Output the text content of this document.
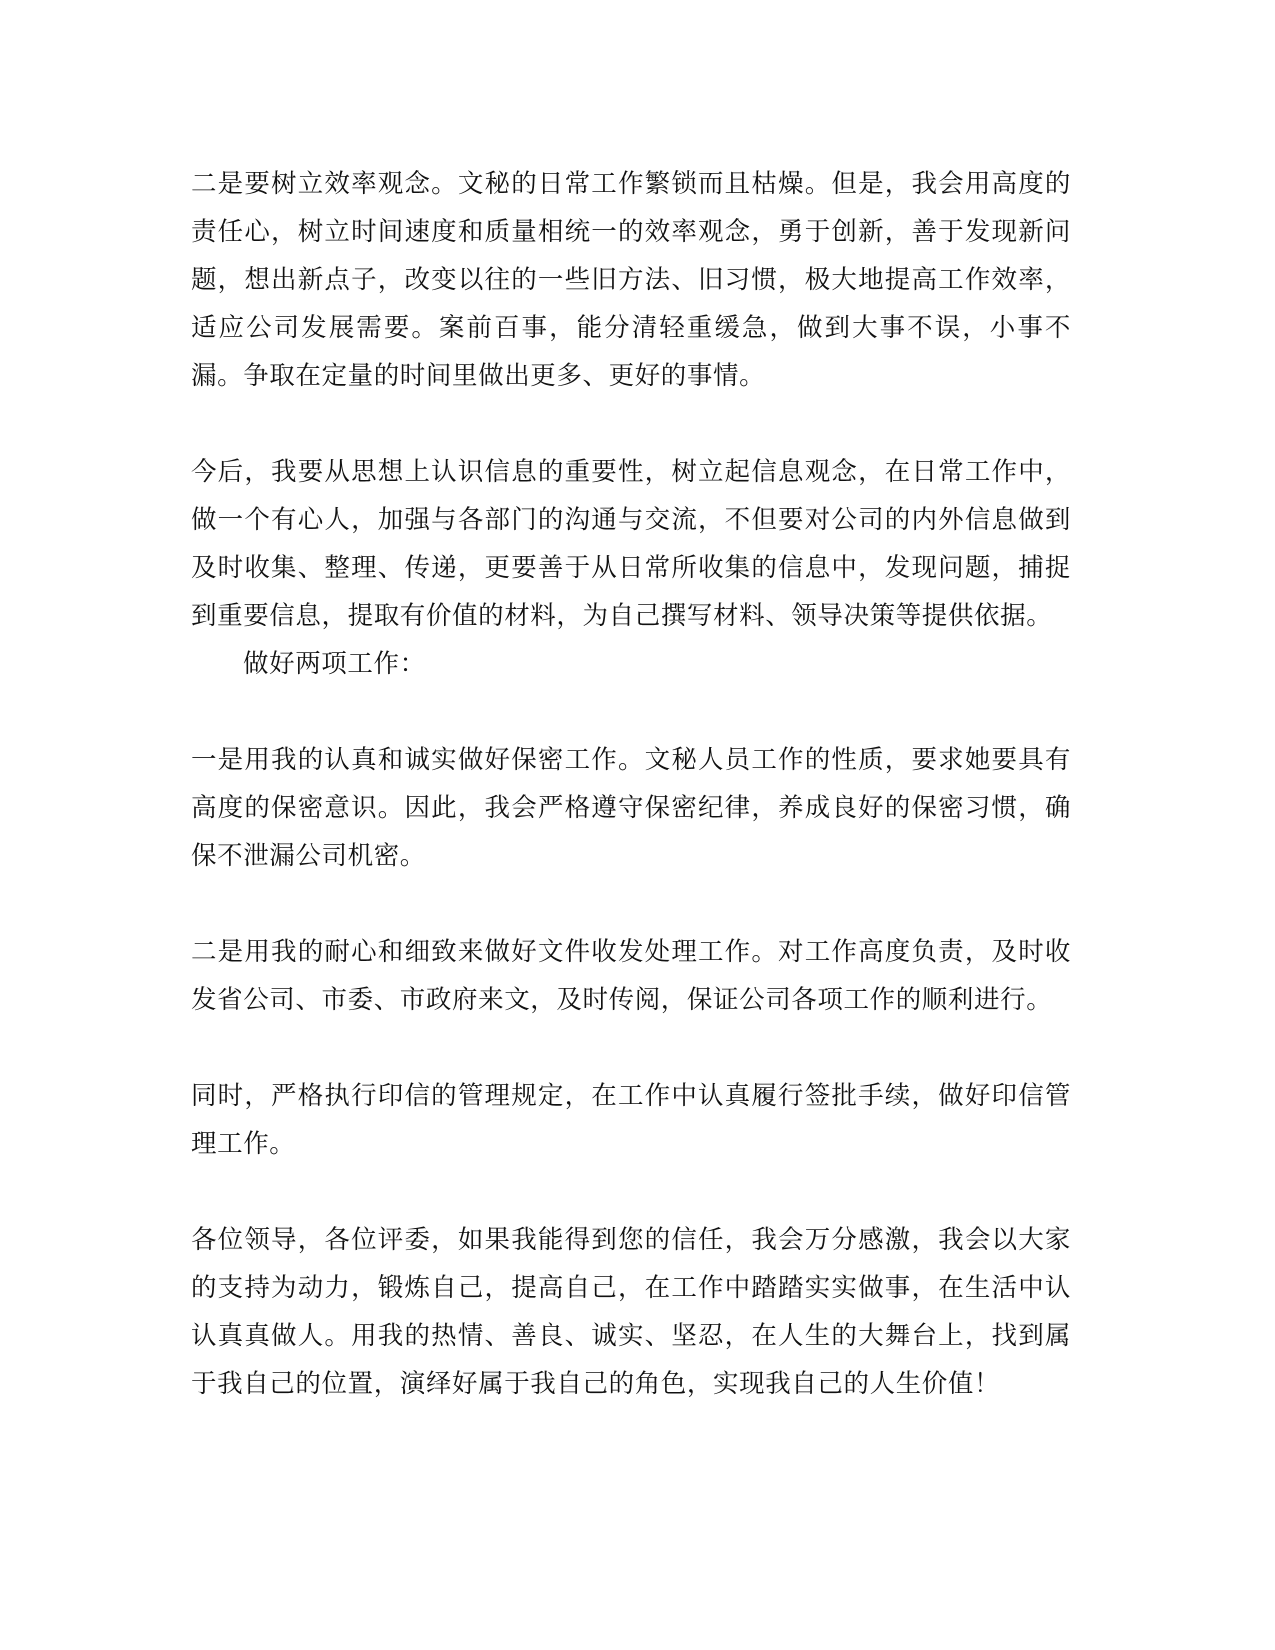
二是要树立效率观念。文秘的日常工作繁锁而且枯燥。但是，我会用高度的责任心，树立时间速度和质量相统一的效率观念，勇于创新，善于发现新问题，想出新点子，改变以往的一些旧方法、旧习惯，极大地提高工作效率，适应公司发展需要。案前百事，能分清轻重缓急，做到大事不误，小事不漏。争取在定量的时间里做出更多、更好的事情。

今后，我要从思想上认识信息的重要性，树立起信息观念，在日常工作中，做一个有心人，加强与各部门的沟通与交流，不但要对公司的内外信息做到及时收集、整理、传递，更要善于从日常所收集的信息中，发现问题，捕捉到重要信息，提取有价值的材料，为自己撰写材料、领导决策等提供依据。

做好两项工作：

一是用我的认真和诚实做好保密工作。文秘人员工作的性质，要求她要具有高度的保密意识。因此，我会严格遵守保密纪律，养成良好的保密习惯，确保不泄漏公司机密。

二是用我的耐心和细致来做好文件收发处理工作。对工作高度负责，及时收发省公司、市委、市政府来文，及时传阅，保证公司各项工作的顺利进行。

同时，严格执行印信的管理规定，在工作中认真履行签批手续，做好印信管理工作。

各位领导，各位评委，如果我能得到您的信任，我会万分感激，我会以大家的支持为动力，锻炼自己，提高自己，在工作中踏踏实实做事，在生活中认认真真做人。用我的热情、善良、诚实、坚忍，在人生的大舞台上，找到属于我自己的位置，演绎好属于我自己的角色，实现我自己的人生价值！
